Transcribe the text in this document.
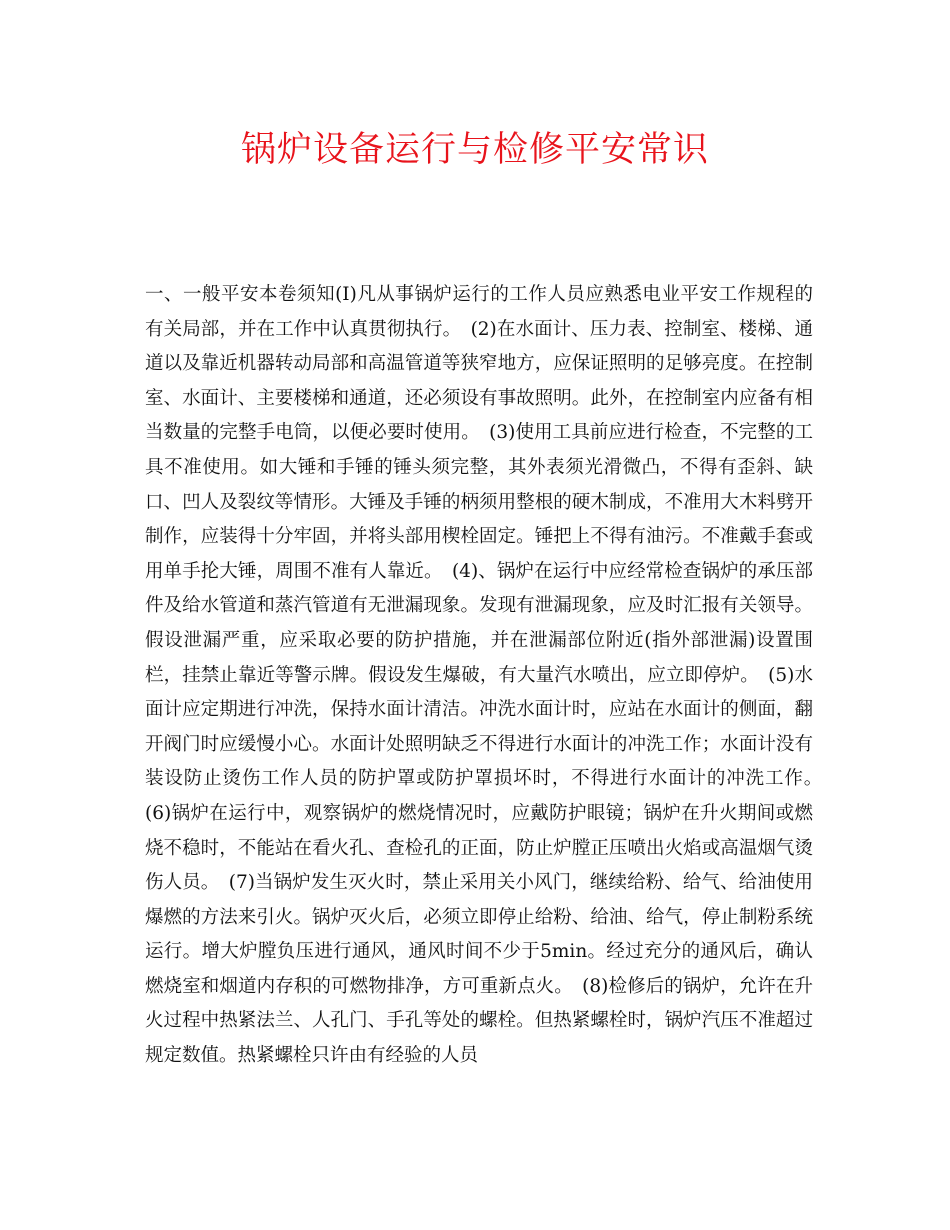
锅炉设备运行与检修平安常识

一、一般平安本卷须知(I)凡从事锅炉运行的工作人员应熟悉电业平安工作规程的有关局部，并在工作中认真贯彻执行。　(2)在水面计、压力表、控制室、楼梯、通道以及靠近机器转动局部和高温管道等狭窄地方，应保证照明的足够亮度。在控制室、水面计、主要楼梯和通道，还必须设有事故照明。此外，在控制室内应备有相当数量的完整手电筒，以便必要时使用。　(3)使用工具前应进行检查，不完整的工具不准使用。如大锤和手锤的锤头须完整，其外表须光滑微凸，不得有歪斜、缺口、凹人及裂纹等情形。大锤及手锤的柄须用整根的硬木制成，不准用大木料劈开制作，应装得十分牢固，并将头部用楔栓固定。锤把上不得有油污。不准戴手套或用单手抡大锤，周围不准有人靠近。　(4)、锅炉在运行中应经常检查锅炉的承压部件及给水管道和蒸汽管道有无泄漏现象。发现有泄漏现象，应及时汇报有关领导。假设泄漏严重，应采取必要的防护措施，并在泄漏部位附近(指外部泄漏)设置围栏，挂禁止靠近等警示牌。假设发生爆破，有大量汽水喷出，应立即停炉。　(5)水面计应定期进行冲洗，保持水面计清洁。冲洗水面计时，应站在水面计的侧面，翻开阀门时应缓慢小心。水面计处照明缺乏不得进行水面计的冲洗工作；水面计没有装设防止烫伤工作人员的防护罩或防护罩损坏时，不得进行水面计的冲洗工作。　(6)锅炉在运行中，观察锅炉的燃烧情况时，应戴防护眼镜；锅炉在升火期间或燃烧不稳时，不能站在看火孔、查检孔的正面，防止炉膛正压喷出火焰或高温烟气烫伤人员。　(7)当锅炉发生灭火时，禁止采用关小风门，继续给粉、给气、给油使用爆燃的方法来引火。锅炉灭火后，必须立即停止给粉、给油、给气，停止制粉系统运行。增大炉膛负压进行通风，通风时间不少于5min。经过充分的通风后，确认燃烧室和烟道内存积的可燃物排净，方可重新点火。　(8)检修后的锅炉，允许在升火过程中热紧法兰、人孔门、手孔等处的螺栓。但热紧螺栓时，锅炉汽压不准超过规定数值。热紧螺栓只许由有经验的人员
